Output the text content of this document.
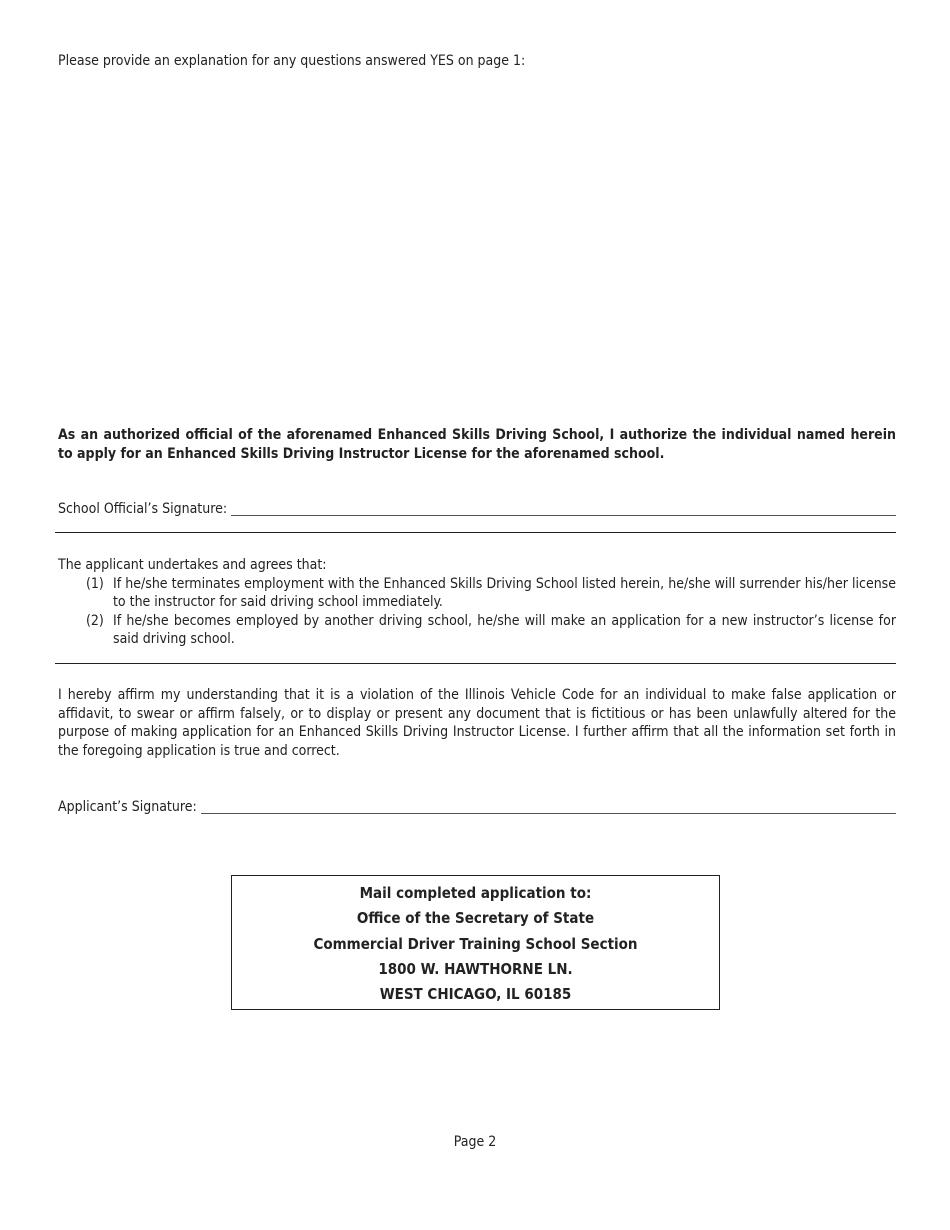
Please provide an explanation for any questions answered YES on page 1:
As an authorized official of the aforenamed Enhanced Skills Driving School, I authorize the individual named herein to apply for an Enhanced Skills Driving Instructor License for the aforenamed school.
School Official’s Signature:
The applicant undertakes and agrees that:
(1) If he/she terminates employment with the Enhanced Skills Driving School listed herein, he/she will surrender his/her license to the instructor for said driving school immediately.
(2) If he/she becomes employed by another driving school, he/she will make an application for a new instructor’s license for said driving school.
I hereby affirm my understanding that it is a violation of the Illinois Vehicle Code for an individual to make false application or affidavit, to swear or affirm falsely, or to display or present any document that is fictitious or has been unlawfully altered for the purpose of making application for an Enhanced Skills Driving Instructor License. I further affirm that all the information set forth in the foregoing application is true and correct.
Applicant’s Signature:
Mail completed application to:
Office of the Secretary of State
Commercial Driver Training School Section
1800 W. HAWTHORNE LN.
WEST CHICAGO, IL 60185
Page 2
